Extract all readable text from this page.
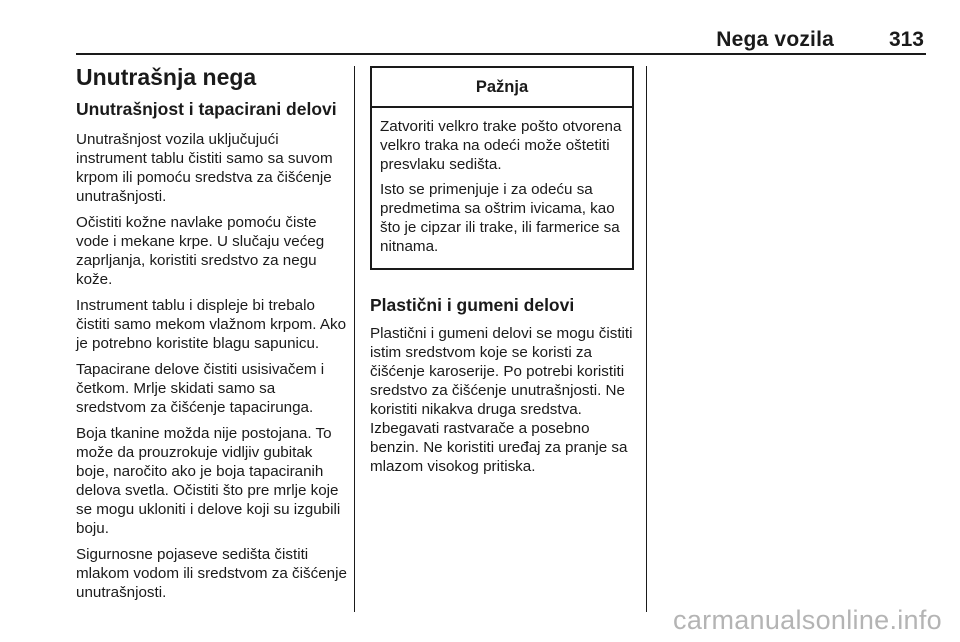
Nega vozila	313
Unutrašnja nega
Unutrašnjost i tapacirani delovi

Unutrašnjost vozila uključujući instrument tablu čistiti samo sa suvom krpom ili pomoću sredstva za čišćenje unutrašnjosti.

Očistiti kožne navlake pomoću čiste vode i mekane krpe. U slučaju većeg zaprljanja, koristiti sredstvo za negu kože.

Instrument tablu i displeje bi trebalo čistiti samo mekom vlažnom krpom. Ako je potrebno koristite blagu sapunicu.

Tapacirane delove čistiti usisivačem i četkom. Mrlje skidati samo sa sredstvom za čišćenje tapacirunga.

Boja tkanine možda nije postojana. To može da prouzrokuje vidljiv gubitak boje, naročito ako je boja tapaciranih delova svetla. Očistiti što pre mrlje koje se mogu ukloniti i delove koji su izgubili boju.

Sigurnosne pojaseve sedišta čistiti mlakom vodom ili sredstvom za čišćenje unutrašnjosti.

Pažnja

Zatvoriti velkro trake pošto otvorena velkro traka na odeći može oštetiti presvlaku sedišta.

Isto se primenjuje i za odeću sa predmetima sa oštrim ivicama, kao što je cipzar ili trake, ili farmerice sa nitnama.

Plastični i gumeni delovi

Plastični i gumeni delovi se mogu čistiti istim sredstvom koje se koristi za čišćenje karoserije. Po potrebi koristiti sredstvo za čišćenje unutrašnjosti. Ne koristiti nikakva druga sredstva. Izbegavati rastvarače a posebno benzin. Ne koristiti uređaj za pranje sa mlazom visokog pritiska.

carmanualsonline.info
